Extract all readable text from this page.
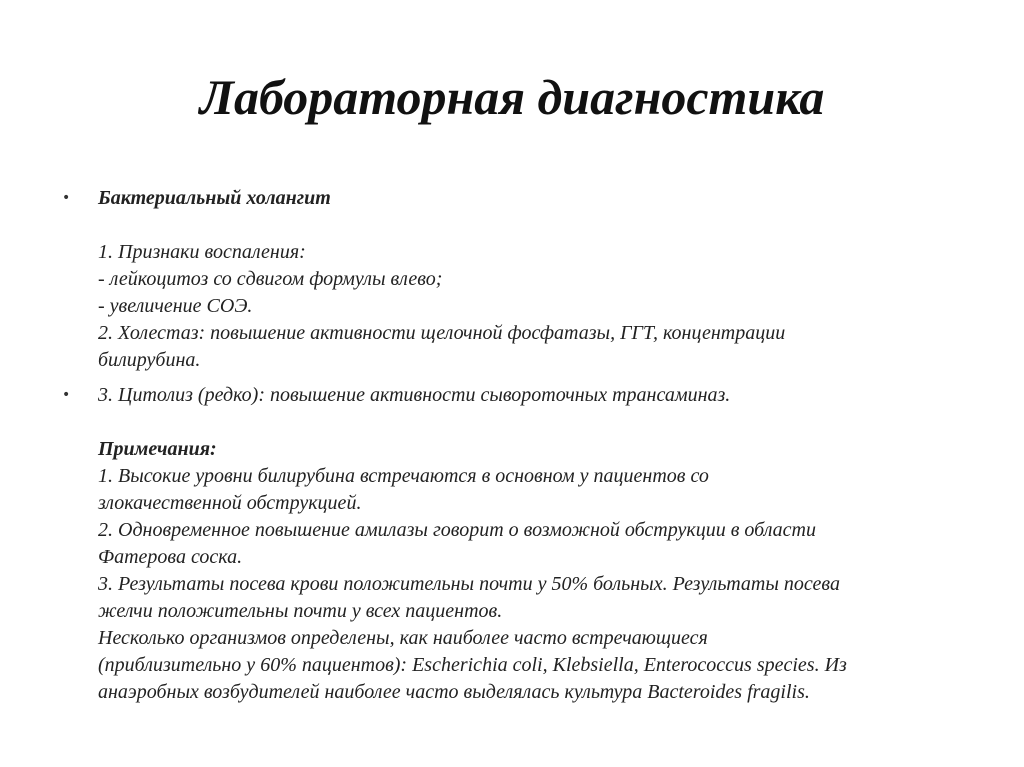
Лабораторная диагностика
• Бактериальный холангит
1. Признаки воспаления:
- лейкоцитоз со сдвигом формулы влево;
- увеличение СОЭ.
2. Холестаз: повышение активности щелочной фосфатазы, ГГТ, концентрации
билирубина.
• 3. Цитолиз (редко): повышение активности сывороточных трансаминаз.
Примечания:
1. Высокие уровни билирубина встречаются в основном у пациентов со
злокачественной обструкцией.
2. Одновременное повышение амилазы говорит о возможной обструкции в области
Фатерова соска.
3. Результаты посева крови положительны почти у 50% больных. Результаты посева
желчи положительны почти у всех пациентов.
Несколько организмов определены, как наиболее часто встречающиеся
(приблизительно у 60% пациентов): Escherichia coli, Klebsiella, Enterococcus species. Из
анаэробных возбудителей наиболее часто выделялась культура Bacteroides fragilis.
